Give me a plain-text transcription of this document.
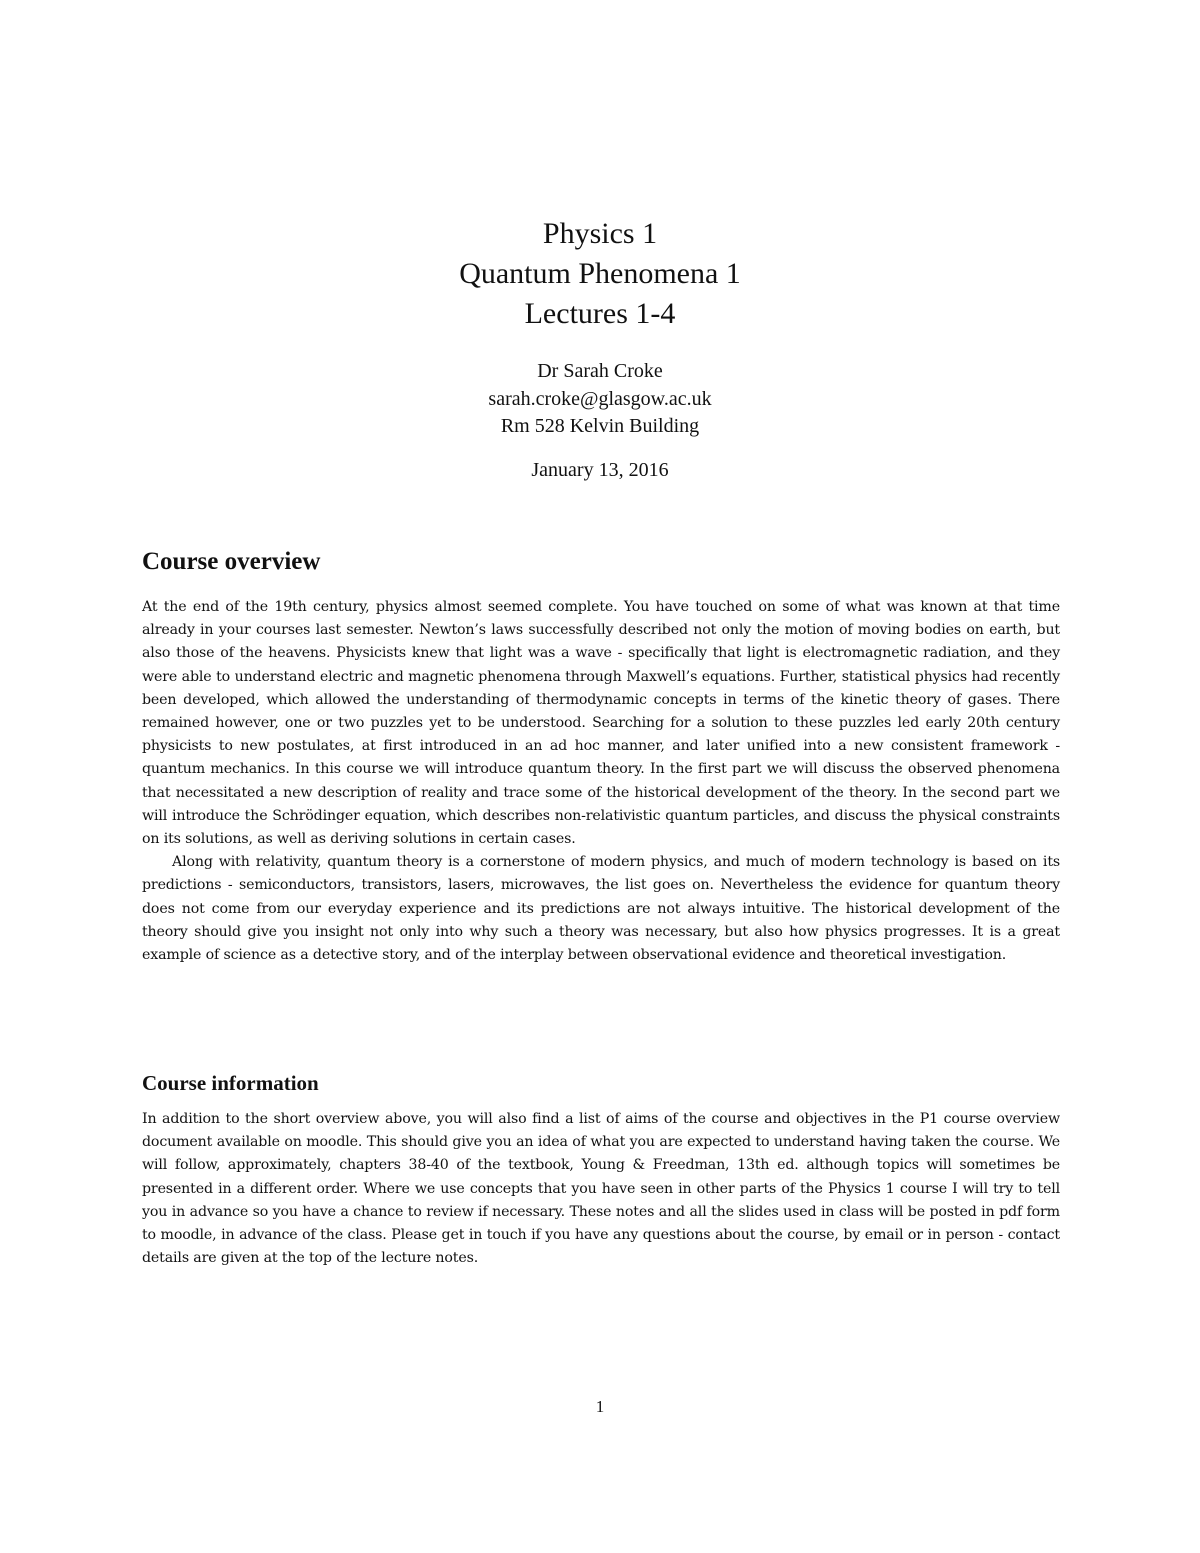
Physics 1
Quantum Phenomena 1
Lectures 1-4
Dr Sarah Croke
sarah.croke@glasgow.ac.uk
Rm 528 Kelvin Building
January 13, 2016
Course overview

At the end of the 19th century, physics almost seemed complete. You have touched on some of what was known at that time already in your courses last semester. Newton’s laws successfully described not only the motion of moving bodies on earth, but also those of the heavens. Physicists knew that light was a wave - specifically that light is electromagnetic radiation, and they were able to understand electric and magnetic phenomena through Maxwell’s equations. Further, statistical physics had recently been developed, which allowed the understanding of thermodynamic concepts in terms of the kinetic theory of gases. There remained however, one or two puzzles yet to be understood. Searching for a solution to these puzzles led early 20th century physicists to new postulates, at first introduced in an ad hoc manner, and later unified into a new consistent framework - quantum mechanics. In this course we will introduce quantum theory. In the first part we will discuss the observed phenomena that necessitated a new description of reality and trace some of the historical development of the theory. In the second part we will introduce the Schrödinger equation, which describes non-relativistic quantum particles, and discuss the physical constraints on its solutions, as well as deriving solutions in certain cases.

Along with relativity, quantum theory is a cornerstone of modern physics, and much of modern technology is based on its predictions - semiconductors, transistors, lasers, microwaves, the list goes on. Nevertheless the evidence for quantum theory does not come from our everyday experience and its predictions are not always intuitive. The historical development of the theory should give you insight not only into why such a theory was necessary, but also how physics progresses. It is a great example of science as a detective story, and of the interplay between observational evidence and theoretical investigation.

Course information

In addition to the short overview above, you will also find a list of aims of the course and objectives in the P1 course overview document available on moodle. This should give you an idea of what you are expected to understand having taken the course. We will follow, approximately, chapters 38-40 of the textbook, Young & Freedman, 13th ed. although topics will sometimes be presented in a different order. Where we use concepts that you have seen in other parts of the Physics 1 course I will try to tell you in advance so you have a chance to review if necessary. These notes and all the slides used in class will be posted in pdf form to moodle, in advance of the class. Please get in touch if you have any questions about the course, by email or in person - contact details are given at the top of the lecture notes.

1
